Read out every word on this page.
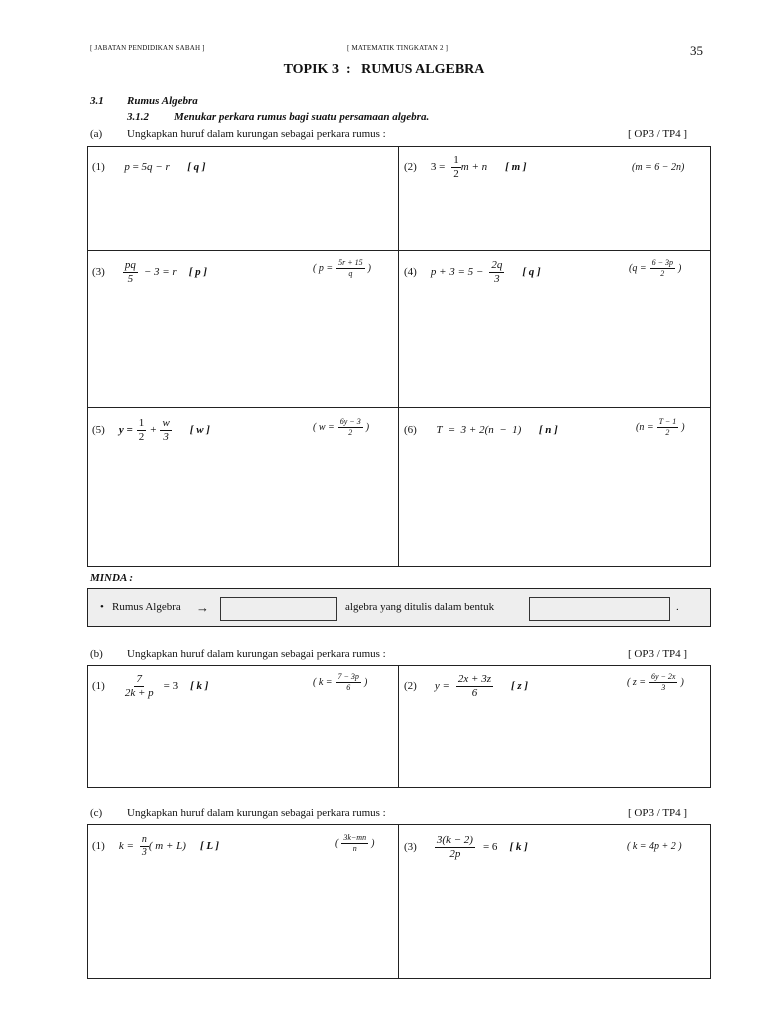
[ JABATAN PENDIDIKAN SABAH ]	[ MATEMATIK TINGKATAN 2 ]	35
TOPIK 3  :   RUMUS ALGEBRA
3.1 Rumus Algebra
3.1.2 Menukar perkara rumus bagi suatu persamaan algebra.
(a) Ungkapkan huruf dalam kurungan sebagai perkara rumus :	[ OP3 / TP4 ]
(1) p = 5q − r [ q ]	(2) $3 = \frac{1}{2}$ m + n [ m ]	(m = 6 − 2n)
$(3) \frac{pq}{5} - 3 = r$ [ p ]	( $p = \frac{5r + 15}{q}$ )	(4) $p + 3 = 5 - \frac{2q}{3}$ [ q ]	($q = \frac{6 - 3p}{2}$ )
(5) $y = \frac{1}{2} + \frac{w}{3}$ [ w ]	( $w = \frac{6y - 3}{2}$ )	(6) T  =  3 + 2(n  −  1) [ n ]	($n = \frac{T - 1}{2}$ )
MINDA :
• Rumus Algebra →	algebra yang ditulis dalam bentuk	.
(b) Ungkapkan huruf dalam kurungan sebagai perkara rumus :	[ OP3 / TP4 ]
$(1) \frac{7}{2k + p} = 3$ [ k ]	( $k = \frac{7 - 3p}{6}$ )	(2) $y = \frac{2x + 3z}{6}$ [ z ]	( $z = \frac{6y - 2x}{3}$ )
(c) Ungkapkan huruf dalam kurungan sebagai perkara rumus :	[ OP3 / TP4 ]
(1) $k = \frac{n}{3}$ ( m + L) [ L ]	( $\frac{3k-mn}{n}$ )	$(3) \frac{3(k - 2)}{2p} = 6$ [ k ]	( k = 4p + 2 )
